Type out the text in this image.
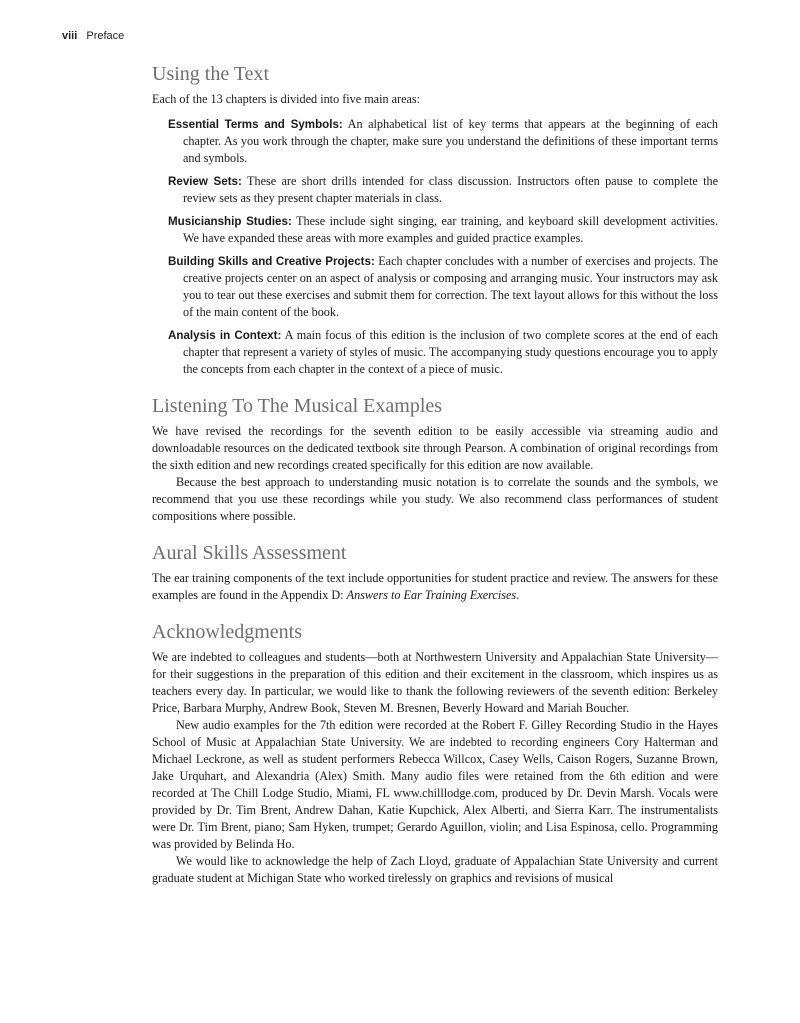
viii Preface
Using the Text

Each of the 13 chapters is divided into five main areas:

Essential Terms and Symbols: An alphabetical list of key terms that appears at the beginning of each chapter. As you work through the chapter, make sure you understand the definitions of these important terms and symbols.

Review Sets: These are short drills intended for class discussion. Instructors often pause to complete the review sets as they present chapter materials in class.

Musicianship Studies: These include sight singing, ear training, and keyboard skill development activities. We have expanded these areas with more examples and guided practice examples.

Building Skills and Creative Projects: Each chapter concludes with a number of exercises and projects. The creative projects center on an aspect of analysis or composing and arranging music. Your instructors may ask you to tear out these exercises and submit them for correction. The text layout allows for this without the loss of the main content of the book.

Analysis in Context: A main focus of this edition is the inclusion of two complete scores at the end of each chapter that represent a variety of styles of music. The accompanying study questions encourage you to apply the concepts from each chapter in the context of a piece of music.

Listening To The Musical Examples

We have revised the recordings for the seventh edition to be easily accessible via streaming audio and downloadable resources on the dedicated textbook site through Pearson. A combination of original recordings from the sixth edition and new recordings created specifically for this edition are now available.

Because the best approach to understanding music notation is to correlate the sounds and the symbols, we recommend that you use these recordings while you study. We also recommend class performances of student compositions where possible.

Aural Skills Assessment

The ear training components of the text include opportunities for student practice and review. The answers for these examples are found in the Appendix D: Answers to Ear Training Exercises.

Acknowledgments

We are indebted to colleagues and students—both at Northwestern University and Appalachian State University—for their suggestions in the preparation of this edition and their excitement in the classroom, which inspires us as teachers every day. In particular, we would like to thank the following reviewers of the seventh edition: Berkeley Price, Barbara Murphy, Andrew Book, Steven M. Bresnen, Beverly Howard and Mariah Boucher.

New audio examples for the 7th edition were recorded at the Robert F. Gilley Recording Studio in the Hayes School of Music at Appalachian State University. We are indebted to recording engineers Cory Halterman and Michael Leckrone, as well as student performers Rebecca Willcox, Casey Wells, Caison Rogers, Suzanne Brown, Jake Urquhart, and Alexandria (Alex) Smith. Many audio files were retained from the 6th edition and were recorded at The Chill Lodge Studio, Miami, FL www.chilllodge.com, produced by Dr. Devin Marsh. Vocals were provided by Dr. Tim Brent, Andrew Dahan, Katie Kupchick, Alex Alberti, and Sierra Karr. The instrumentalists were Dr. Tim Brent, piano; Sam Hyken, trumpet; Gerardo Aguillon, violin; and Lisa Espinosa, cello. Programming was provided by Belinda Ho.

We would like to acknowledge the help of Zach Lloyd, graduate of Appalachian State University and current graduate student at Michigan State who worked tirelessly on graphics and revisions of musical
